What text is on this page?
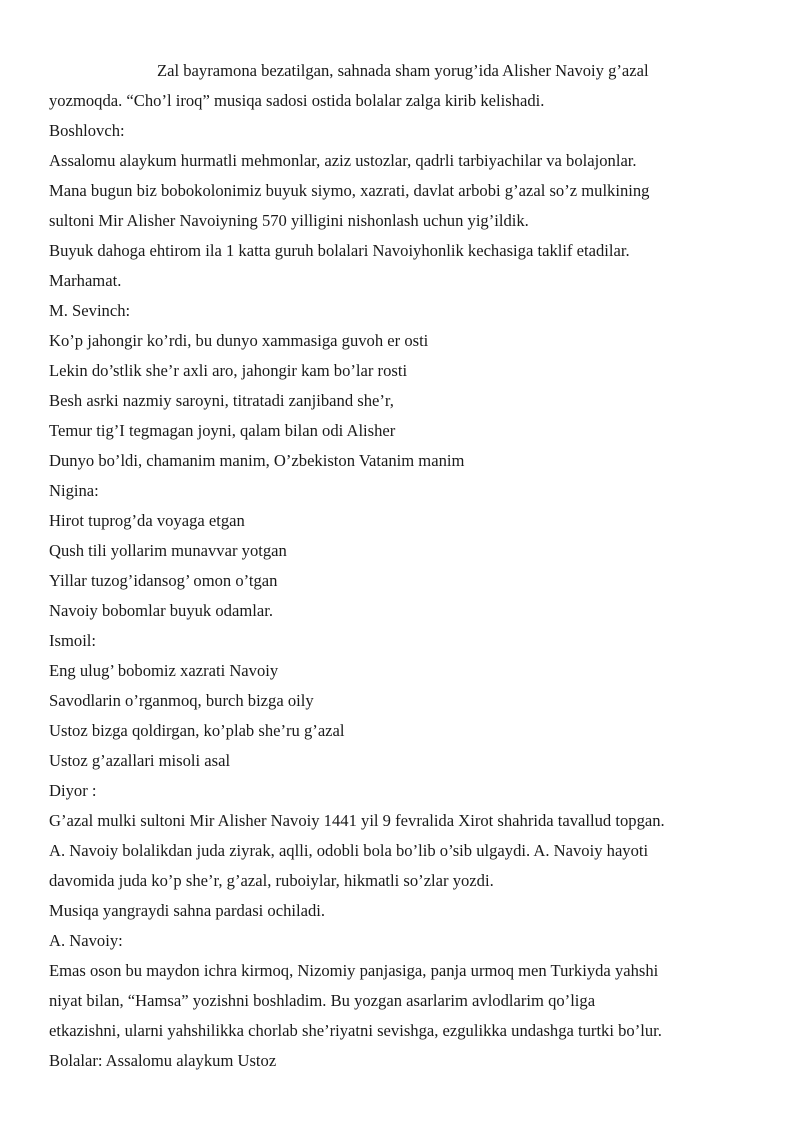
Zal bayramona bezatilgan, sahnada sham yorug’ida Alisher Navoiy g’azal
yozmoqda. “Cho’l iroq” musiqa sadosi ostida bolalar zalga kirib kelishadi.
Boshlovch:
Assalomu alaykum hurmatli mehmonlar, aziz ustozlar, qadrli tarbiyachilar va bolajonlar.
Mana bugun biz bobokolonimiz buyuk siymo, xazrati, davlat arbobi g’azal so’z mulkining
sultoni Mir Alisher Navoiyning 570 yilligini nishonlash uchun yig’ildik.
Buyuk dahoga ehtirom ila 1 katta guruh bolalari Navoiyhonlik kechasiga taklif etadilar.
Marhamat.
M. Sevinch:
Ko’p jahongir ko’rdi, bu dunyo xammasiga guvoh er osti
Lekin do’stlik she’r axli aro, jahongir kam bo’lar rosti
Besh asrki nazmiy saroyni, titratadi zanjiband she’r,
Temur tig’I tegmagan joyni, qalam bilan odi Alisher
Dunyo bo’ldi, chamanim manim, O’zbekiston Vatanim manim
Nigina:
Hirot tuprog’da voyaga etgan
Qush tili yollarim munavvar yotgan
Yillar tuzog’idansog’ omon o’tgan
Navoiy bobomlar buyuk odamlar.
Ismoil:
Eng ulug’ bobomiz xazrati Navoiy
Savodlarin o’rganmoq, burch bizga oily
Ustoz bizga qoldirgan, ko’plab she’ru g’azal
Ustoz g’azallari misoli asal
Diyor :
G’azal mulki sultoni Mir Alisher Navoiy 1441 yil 9 fevralida Xirot shahrida tavallud topgan.
A. Navoiy bolalikdan juda ziyrak, aqlli, odobli bola bo’lib o’sib ulgaydi. A. Navoiy hayoti
davomida juda ko’p she’r, g’azal, ruboiylar, hikmatli so’zlar yozdi.
Musiqa yangraydi sahna pardasi ochiladi.
A. Navoiy:
Emas oson bu maydon ichra kirmoq, Nizomiy panjasiga, panja urmoq men Turkiyda yahshi
niyat bilan, “Hamsa” yozishni boshladim. Bu yozgan asarlarim avlodlarim qo’liga
etkazishni, ularni yahshilikka chorlab she’riyatni sevishga, ezgulikka undashga turtki bo’lur.
Bolalar: Assalomu alaykum Ustoz
